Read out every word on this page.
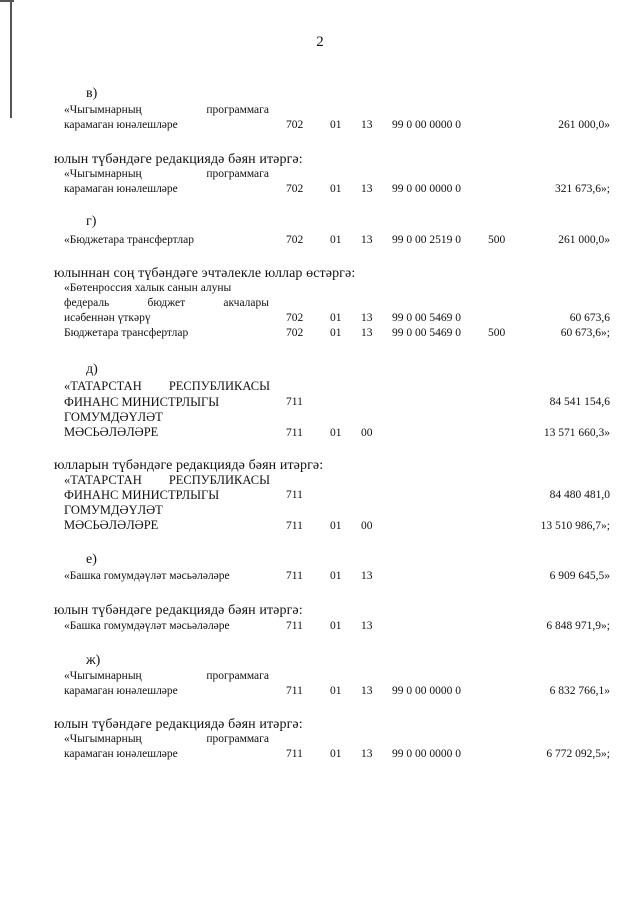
2
в)
«Чыгымнарның	программага
карамаган юнәлешләре	702 01 13 99 0 00 0000 0	261 000,0»
юлын түбәндәге редакциядә бәян итәргә:
«Чыгымнарның	программага
карамаган юнәлешләре	702 01 13 99 0 00 0000 0	321 673,6»;
г)
«Бюджетара трансфертлар	702 01 13 99 0 00 2519 0 500	261 000,0»
юлыннан соң түбәндәге эчтәлекле юллар өстәргә:
«Бөтенроссия халык санын алуны
федераль	бюджет	акчалары
исәбеннән үткәрү	702 01 13 99 0 00 5469 0	60 673,6
Бюджетара трансфертлар	702 01 13 99 0 00 5469 0 500	60 673,6»;
д)
«ТАТАРСТАН РЕСПУБЛИКАСЫ
ФИНАНС МИНИСТРЛЫГЫ	711	84 541 154,6
ГОМУМДӘҮЛӘТ
МӘСЬӘЛӘЛӘРЕ	711 01 00	13 571 660,3»
юлларын түбәндәге редакциядә бәян итәргә:
«ТАТАРСТАН РЕСПУБЛИКАСЫ
ФИНАНС МИНИСТРЛЫГЫ	711	84 480 481,0
ГОМУМДӘҮЛӘТ
МӘСЬӘЛӘЛӘРЕ	711 01 00	13 510 986,7»;
е)
«Башка гомумдәүләт мәсьәләләре	711 01 13	6 909 645,5»
юлын түбәндәге редакциядә бәян итәргә:
«Башка гомумдәүләт мәсьәләләре	711 01 13	6 848 971,9»;
ж)
«Чыгымнарның	программага
карамаган юнәлешләре	711 01 13 99 0 00 0000 0	6 832 766,1»
юлын түбәндәге редакциядә бәян итәргә:
«Чыгымнарның	программага
карамаган юнәлешләре	711 01 13 99 0 00 0000 0	6 772 092,5»;
